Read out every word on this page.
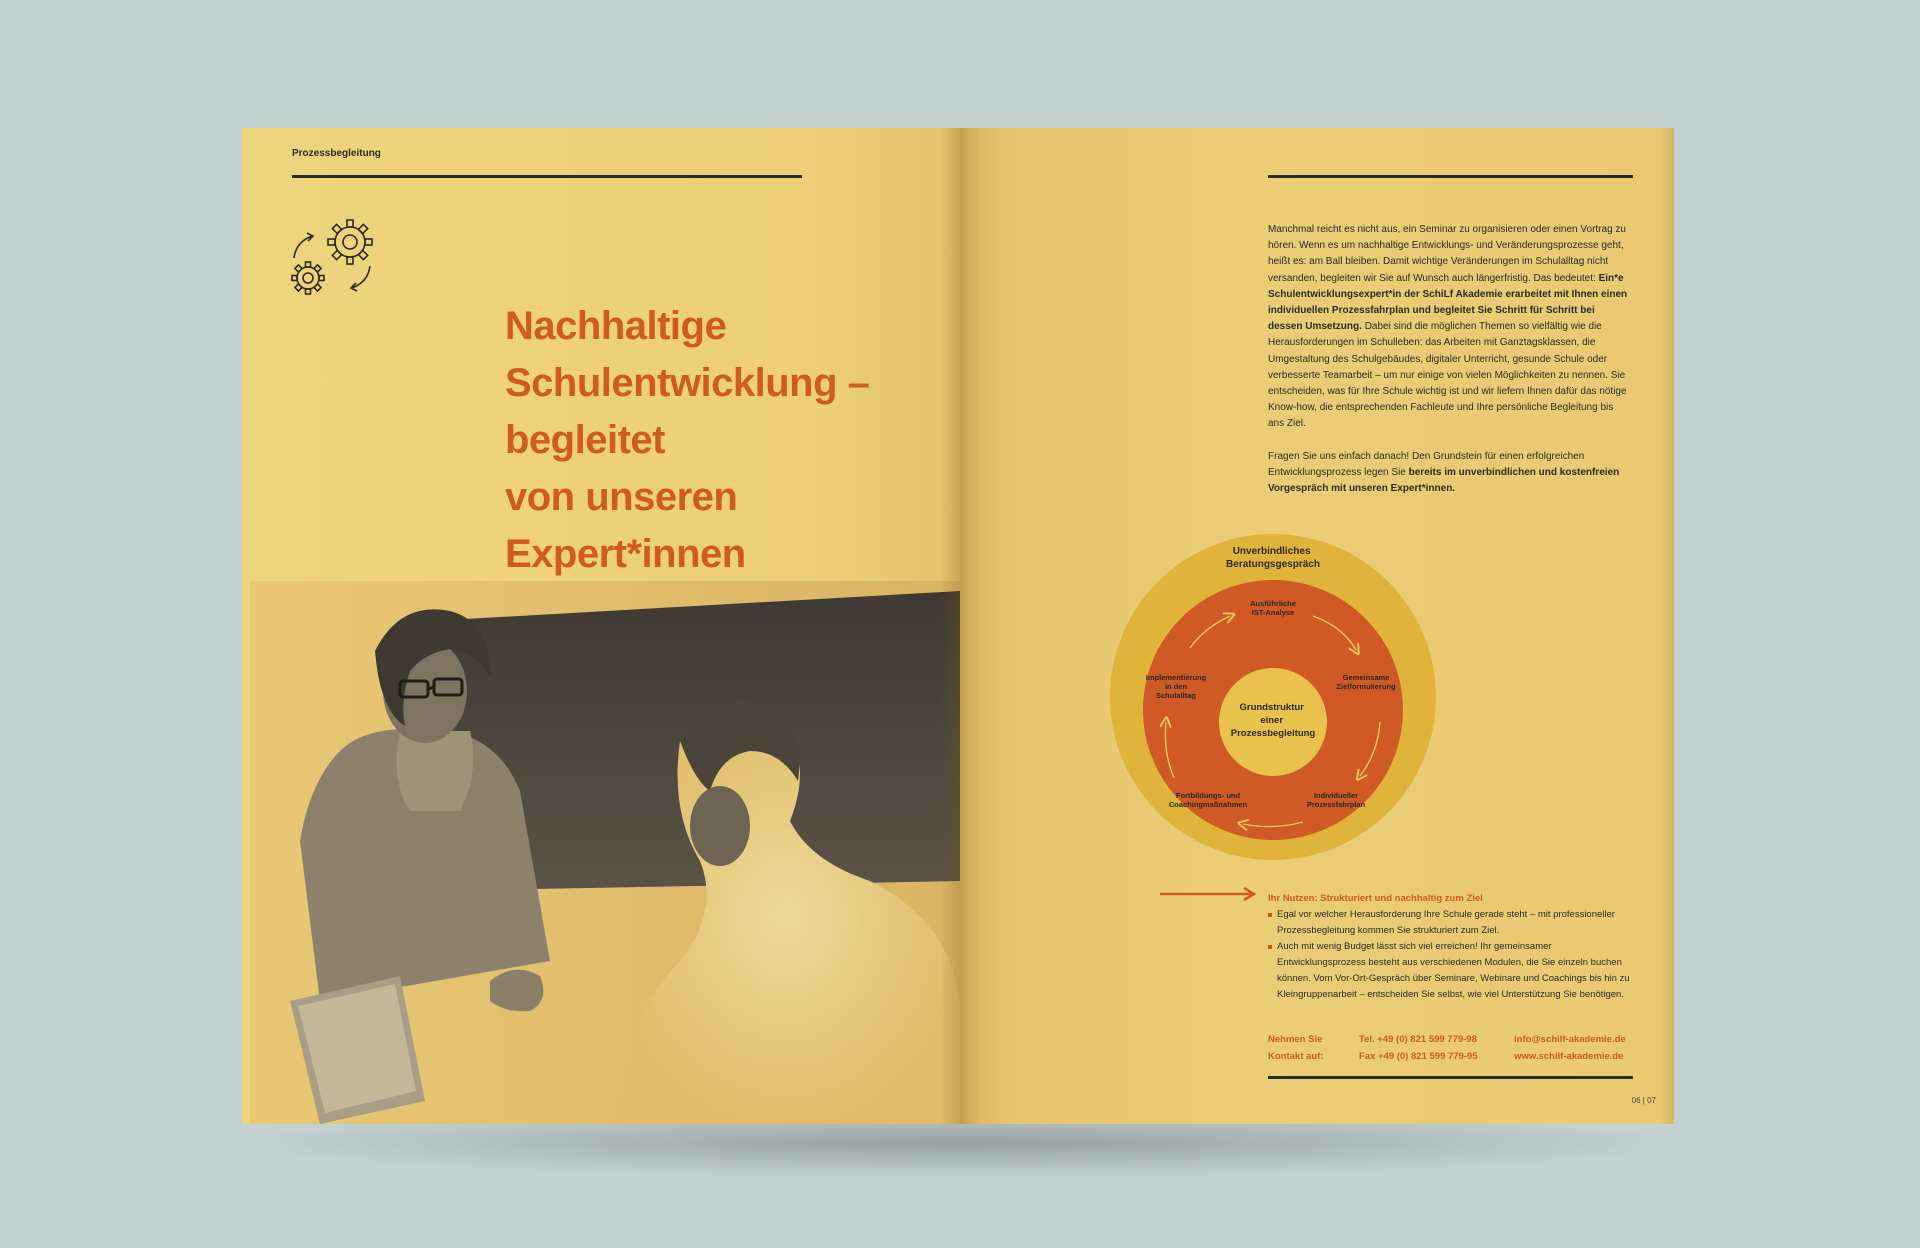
Prozessbegleitung
Nachhaltige
Schulentwicklung –
begleitet
von unseren
Expert*innen

Manchmal reicht es nicht aus, ein Seminar zu organisieren oder einen Vortrag zu hören. Wenn es um nachhaltige Entwicklungs- und Veränderungsprozesse geht, heißt es: am Ball bleiben. Damit wichtige Veränderungen im Schulalltag nicht versanden, begleiten wir Sie auf Wunsch auch längerfristig. Das bedeutet: Ein*e Schulentwicklungsexpert*in der SchiLf Akademie erarbeitet mit Ihnen einen individuellen Prozessfahrplan und begleitet Sie Schritt für Schritt bei dessen Umsetzung. Dabei sind die möglichen Themen so vielfältig wie die Herausforderungen im Schulleben: das Arbeiten mit Ganztagsklassen, die Umgestaltung des Schulgebäudes, digitaler Unterricht, gesunde Schule oder verbesserte Teamarbeit – um nur einige von vielen Möglichkeiten zu nennen. Sie entscheiden, was für Ihre Schule wichtig ist und wir liefern Ihnen dafür das nötige Know-how, die entsprechenden Fachleute und Ihre persönliche Begleitung bis ans Ziel.

Fragen Sie uns einfach danach! Den Grundstein für einen erfolgreichen Entwicklungsprozess legen Sie bereits im unverbindlichen und kostenfreien Vorgespräch mit unseren Expert*innen.

Unverbindliches Beratungsgespräch
Grundstruktur einer Prozessbegleitung
Ausführliche IST-Analyse
Gemeinsame Zielformulierung
Individueller Prozessfahrplan
Fortbildungs- und Coachingmaßnahmen
Implementierung in den Schulalltag
Ihr Nutzen: Strukturiert und nachhaltig zum Ziel
Egal vor welcher Herausforderung Ihre Schule gerade steht – mit professioneller Prozessbegleitung kommen Sie strukturiert zum Ziel.
Auch mit wenig Budget lässt sich viel erreichen! Ihr gemeinsamer Entwicklungsprozess besteht aus verschiedenen Modulen, die Sie einzeln buchen können. Vom Vor-Ort-Gespräch über Seminare, Webinare und Coachings bis hin zu Kleingruppenarbeit – entscheiden Sie selbst, wie viel Unterstützung Sie benötigen.
Nehmen Sie
Kontakt auf:
Tel. +49 (0) 821 599 779-98
Fax +49 (0) 821 599 779-95
info@schilf-akademie.de
www.schilf-akademie.de
06 | 07
